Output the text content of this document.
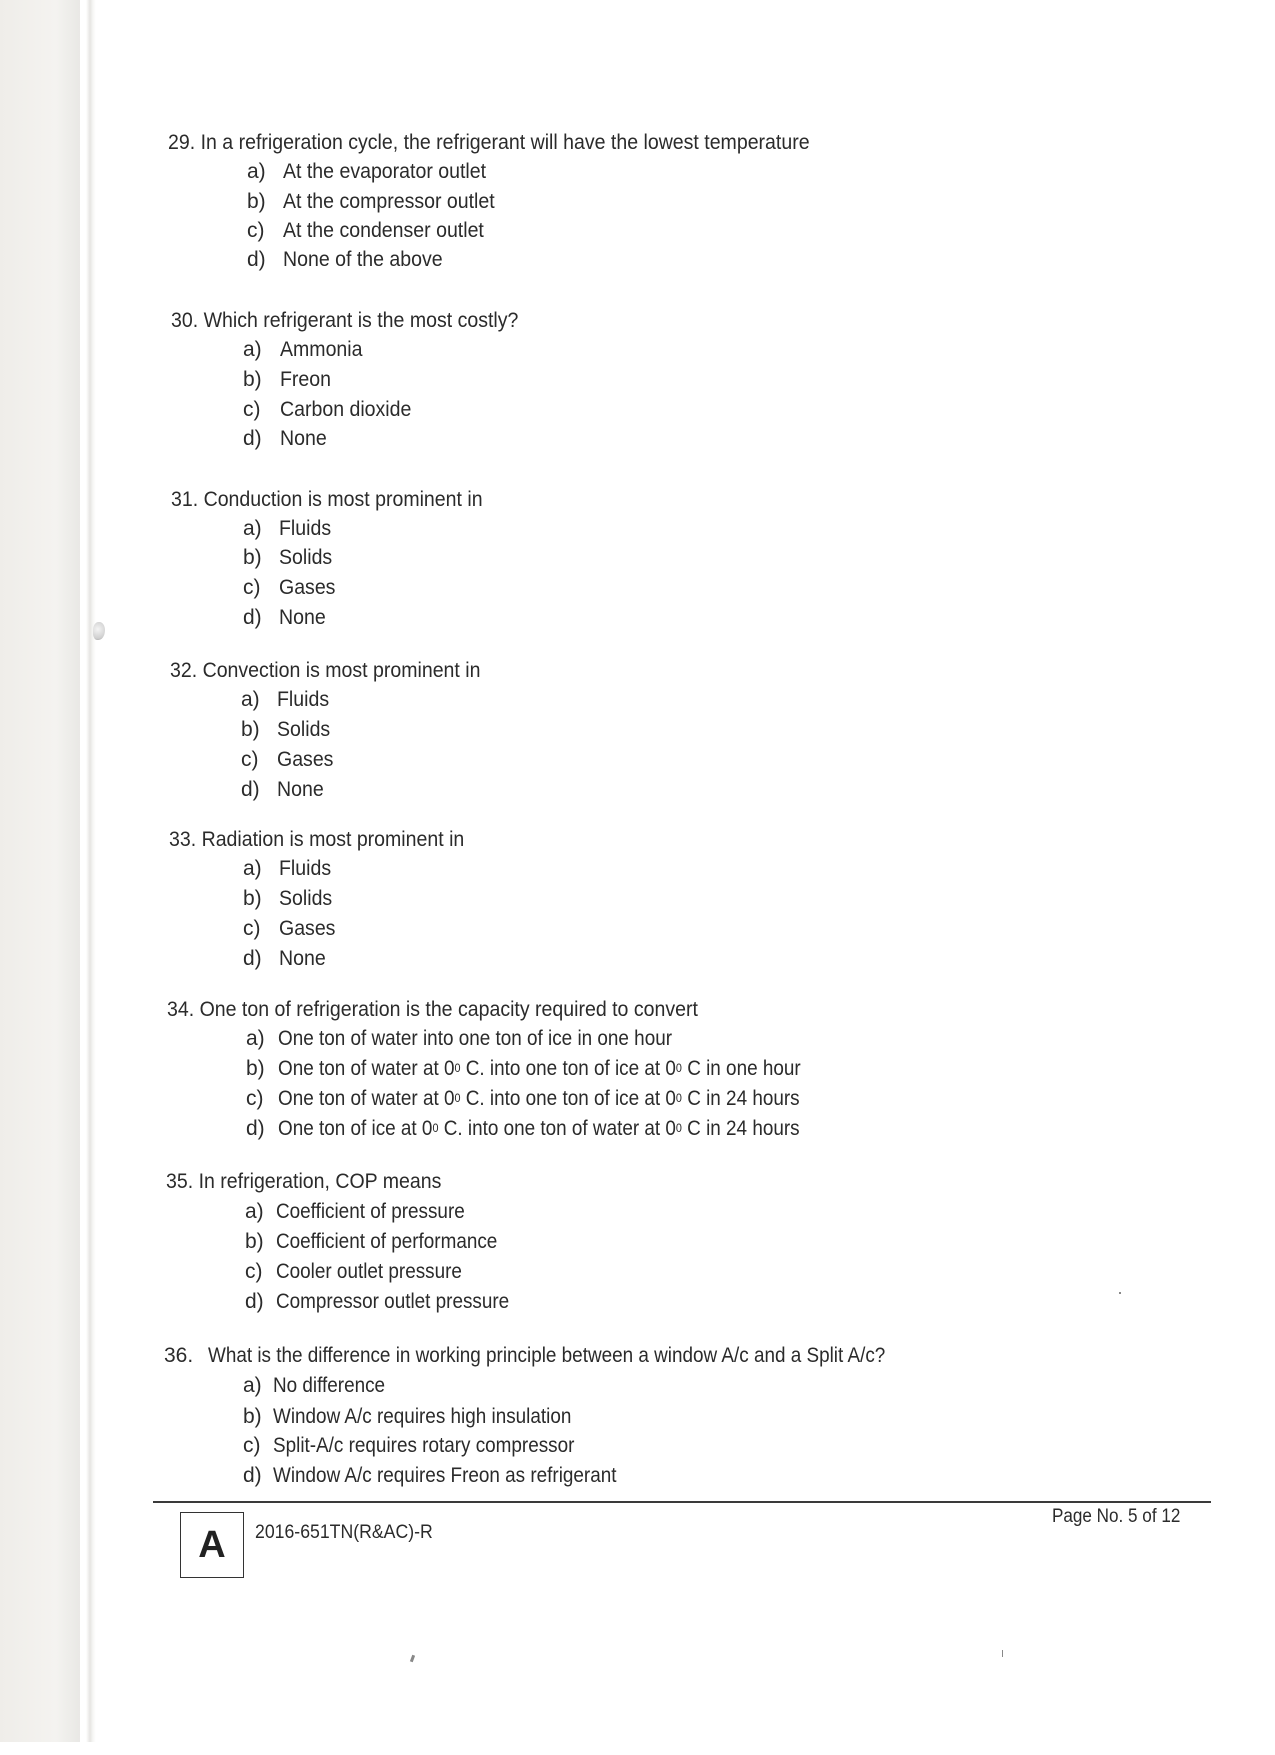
29. In a refrigeration cycle, the refrigerant will have the lowest temperature
a) At the evaporator outlet
b) At the compressor outlet
c) At the condenser outlet
d) None of the above
30. Which refrigerant is the most costly?
a) Ammonia
b) Freon
c) Carbon dioxide
d) None
31. Conduction is most prominent in
a) Fluids
b) Solids
c) Gases
d) None
32. Convection is most prominent in
a) Fluids
b) Solids
c) Gases
d) None
33. Radiation is most prominent in
a) Fluids
b) Solids
c) Gases
d) None
34. One ton of refrigeration is the capacity required to convert
a) One ton of water into one ton of ice in one hour
b) One ton of water at $0^0$ C. into one ton of ice at $0^0$ C in one hour
c) One ton of water at $0^0$ C. into one ton of ice at $0^0$ C in 24 hours
d) One ton of ice at $0^0$ C. into one ton of water at $0^0$ C in 24 hours
35. In refrigeration, COP means
a) Coefficient of pressure
b) Coefficient of performance
c) Cooler outlet pressure
d) Compressor outlet pressure
36. What is the difference in working principle between a window A/c and a Split A/c?
a) No difference
b) Window A/c requires high insulation
c) Split-A/c requires rotary compressor
d) Window A/c requires Freon as refrigerant
Page No. 5 of 12
A	2016-651TN(R&AC)-R
